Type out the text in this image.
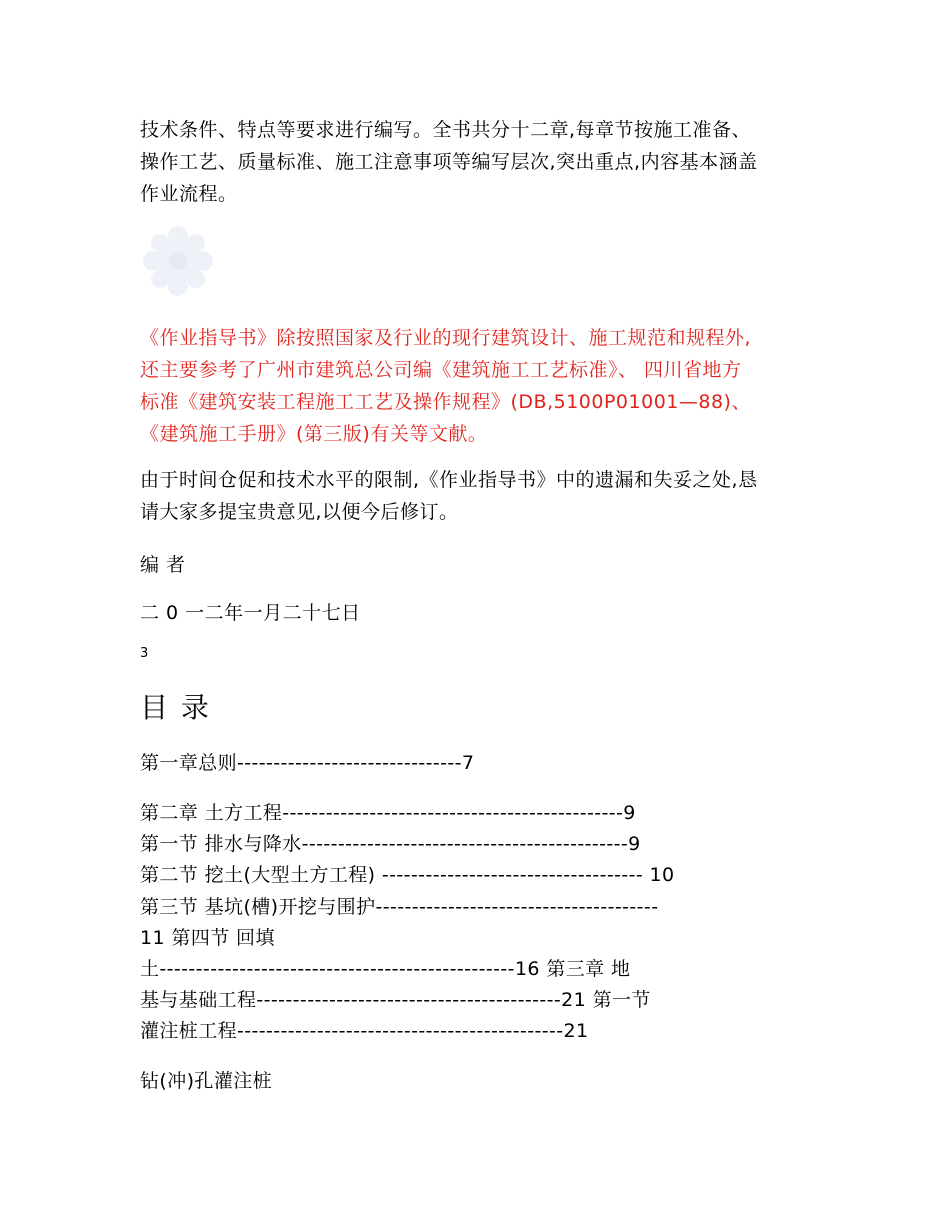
技术条件、特点等要求进行编写。全书共分十二章,每章节按施工准备、
操作工艺、质量标准、施工注意事项等编写层次,突出重点,内容基本涵盖
作业流程。
《作业指导书》除按照国家及行业的现行建筑设计、施工规范和规程外,
还主要参考了广州市建筑总公司编《建筑施工工艺标准》、 四川省地方
标准《建筑安装工程施工工艺及操作规程》(DB,5100P01001—88)、
《建筑施工手册》(第三版)有关等文献。
由于时间仓促和技术水平的限制,《作业指导书》中的遗漏和失妥之处,恳
请大家多提宝贵意见,以便今后修订。
编 者
二 0 一二年一月二十七日
3
目 录
第一章总则-------------------------------7
第二章 土方工程-----------------------------------------------9
第一节 排水与降水---------------------------------------------9
第二节 挖土(大型土方工程) ------------------------------------ 10
第三节 基坑(槽)开挖与围护---------------------------------------
11 第四节 回填
土-------------------------------------------------16 第三章 地
基与基础工程------------------------------------------21 第一节
灌注桩工程---------------------------------------------21
钻(冲)孔灌注桩
